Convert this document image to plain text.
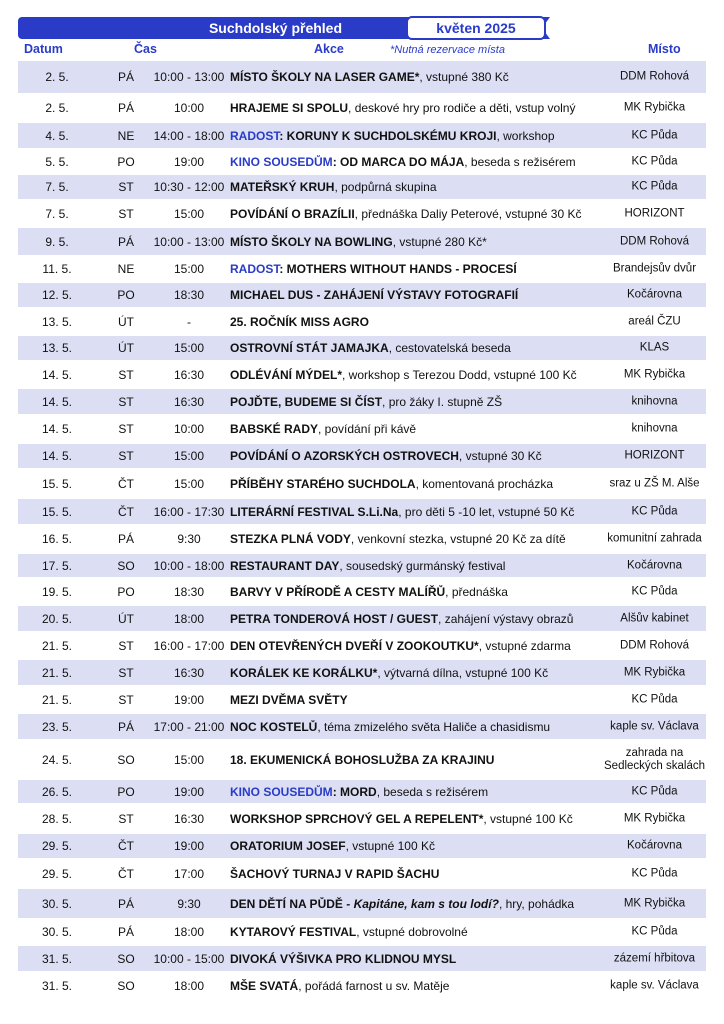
Suchdolský přehled	květen 2025
Datum	Čas	Akce	*Nutná rezervace místa	Místo
2. 5.	PÁ	10:00 - 13:00 MÍSTO ŠKOLY NA LASER GAME*, vstupné 380 Kč	DDM Rohová
2. 5.	PÁ	10:00	HRAJEME SI SPOLU, deskové hry pro rodiče a děti, vstup volný	MK Rybička
4. 5.	NE	14:00 - 18:00 RADOST: KORUNY K SUCHDOLSKÉMU KROJI, workshop	KC Půda
5. 5.	PO	19:00	KINO SOUSEDŮM: OD MARCA DO MÁJA, beseda s režisérem	KC Půda
7. 5.	ST	10:30 - 12:00 MATEŘSKÝ KRUH, podpůrná skupina	KC Půda
7. 5.	ST	15:00	POVÍDÁNÍ O BRAZÍLII, přednáška Daliy Peterové, vstupné 30 Kč	HORIZONT
9. 5.	PÁ	10:00 - 13:00 MÍSTO ŠKOLY NA BOWLING, vstupné 280 Kč*	DDM Rohová
11. 5.	NE	15:00	RADOST: MOTHERS WITHOUT HANDS - PROCESÍ	Brandejsův dvůr
12. 5.	PO	18:30	MICHAEL DUS - ZAHÁJENÍ VÝSTAVY FOTOGRAFIÍ	Kočárovna
13. 5.	ÚT	-	25. ROČNÍK MISS AGRO	areál ČZU
13. 5.	ÚT	15:00	OSTROVNÍ STÁT JAMAJKA, cestovatelská beseda	KLAS
14. 5.	ST	16:30	ODLÉVÁNÍ MÝDEL*, workshop s Terezou Dodd, vstupné 100 Kč	MK Rybička
14. 5.	ST	16:30	POJĎTE, BUDEME SI ČÍST, pro žáky I. stupně ZŠ	knihovna
14. 5.	ST	10:00	BABSKÉ RADY, povídání při kávě	knihovna
14. 5.	ST	15:00	POVÍDÁNÍ O AZORSKÝCH OSTROVECH, vstupné 30 Kč	HORIZONT
15. 5.	ČT	15:00	PŘÍBĚHY STARÉHO SUCHDOLA, komentovaná procházka	sraz u ZŠ M. Alše
15. 5.	ČT	16:00 - 17:30 LITERÁRNÍ FESTIVAL S.Li.Na, pro děti 5 -10 let, vstupné 50 Kč	KC Půda
16. 5.	PÁ	9:30	STEZKA PLNÁ VODY, venkovní stezka, vstupné 20 Kč za dítě	komunitní zahrada
17. 5.	SO	10:00 - 18:00 RESTAURANT DAY, sousedský gurmánský festival	Kočárovna
19. 5.	PO	18:30	BARVY V PŘÍRODĚ A CESTY MALÍŘŮ, přednáška	KC Půda
20. 5.	ÚT	18:00	PETRA TONDEROVÁ HOST / GUEST, zahájení výstavy obrazů	Alšův kabinet
21. 5.	ST	16:00 - 17:00 DEN OTEVŘENÝCH DVEŘÍ V ZOOKOUTKU*, vstupné zdarma	DDM Rohová
21. 5.	ST	16:30	KORÁLEK KE KORÁLKU*, výtvarná dílna, vstupné 100 Kč	MK Rybička
21. 5.	ST	19:00	MEZI DVĚMA SVĚTY	KC Půda
23. 5.	PÁ	17:00 - 21:00 NOC KOSTELŮ, téma zmizelého světa Haliče a chasidismu	kaple sv. Václava
24. 5.	SO	15:00	18. EKUMENICKÁ BOHOSLUŽBA ZA KRAJINU	zahrada na Sedleckých skalách
26. 5.	PO	19:00	KINO SOUSEDŮM: MORD, beseda s režisérem	KC Půda
28. 5.	ST	16:30	WORKSHOP SPRCHOVÝ GEL A REPELENT*, vstupné 100 Kč	MK Rybička
29. 5.	ČT	19:00	ORATORIUM JOSEF, vstupné 100 Kč	Kočárovna
29. 5.	ČT	17:00	ŠACHOVÝ TURNAJ V RAPID ŠACHU	KC Půda
30. 5.	PÁ	9:30	DEN DĚTÍ NA PŮDĚ - Kapitáne, kam s tou lodí?, hry, pohádka	MK Rybička
30. 5.	PÁ	18:00	KYTAROVÝ FESTIVAL, vstupné dobrovolné	KC Půda
31. 5.	SO	10:00 - 15:00 DIVOKÁ VÝŠIVKA PRO KLIDNOU MYSL	zázemí hřbitova
31. 5.	SO	18:00	MŠE SVATÁ, pořádá farnost u sv. Matěje	kaple sv. Václava
